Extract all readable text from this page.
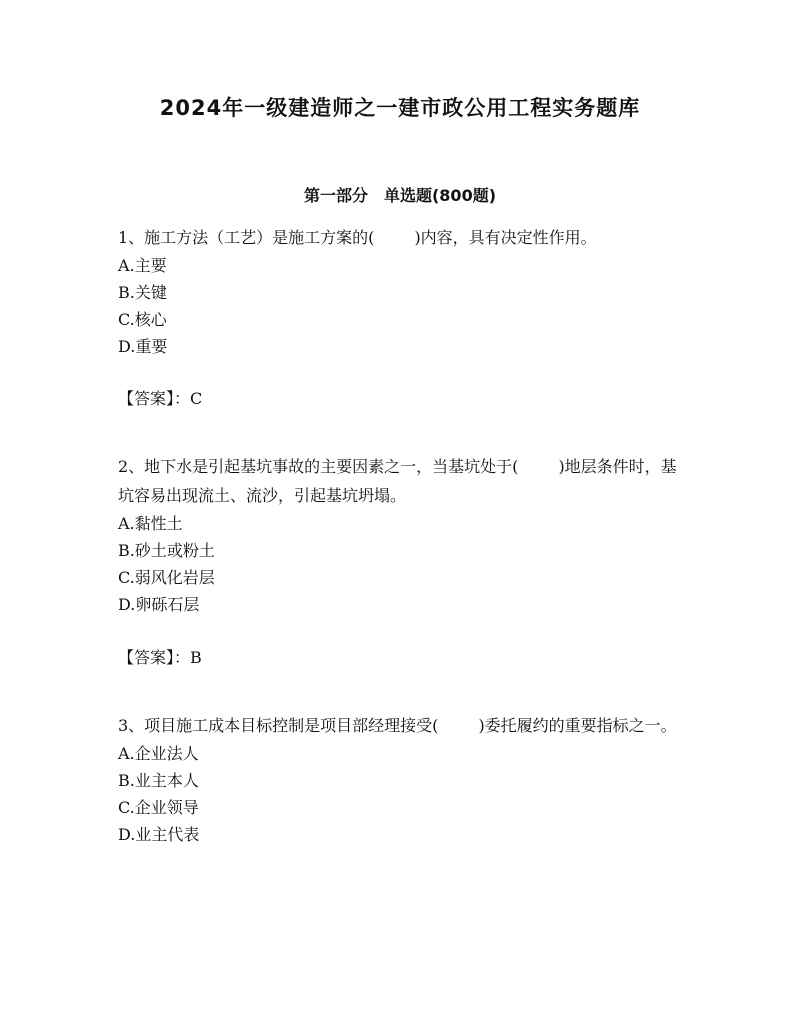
2024年一级建造师之一建市政公用工程实务题库
第一部分　单选题(800题)

1、施工方法（工艺）是施工方案的(	)内容，具有决定性作用。

A.主要

B.关键

C.核心

D.重要

【答案】：C

2、地下水是引起基坑事故的主要因素之一，当基坑处于(	)地层条件时，基坑容易出现流土、流沙，引起基坑坍塌。

A.黏性土

B.砂土或粉土

C.弱风化岩层

D.卵砾石层

【答案】：B

3、项目施工成本目标控制是项目部经理接受(	)委托履约的重要指标之一。

A.企业法人

B.业主本人

C.企业领导

D.业主代表
